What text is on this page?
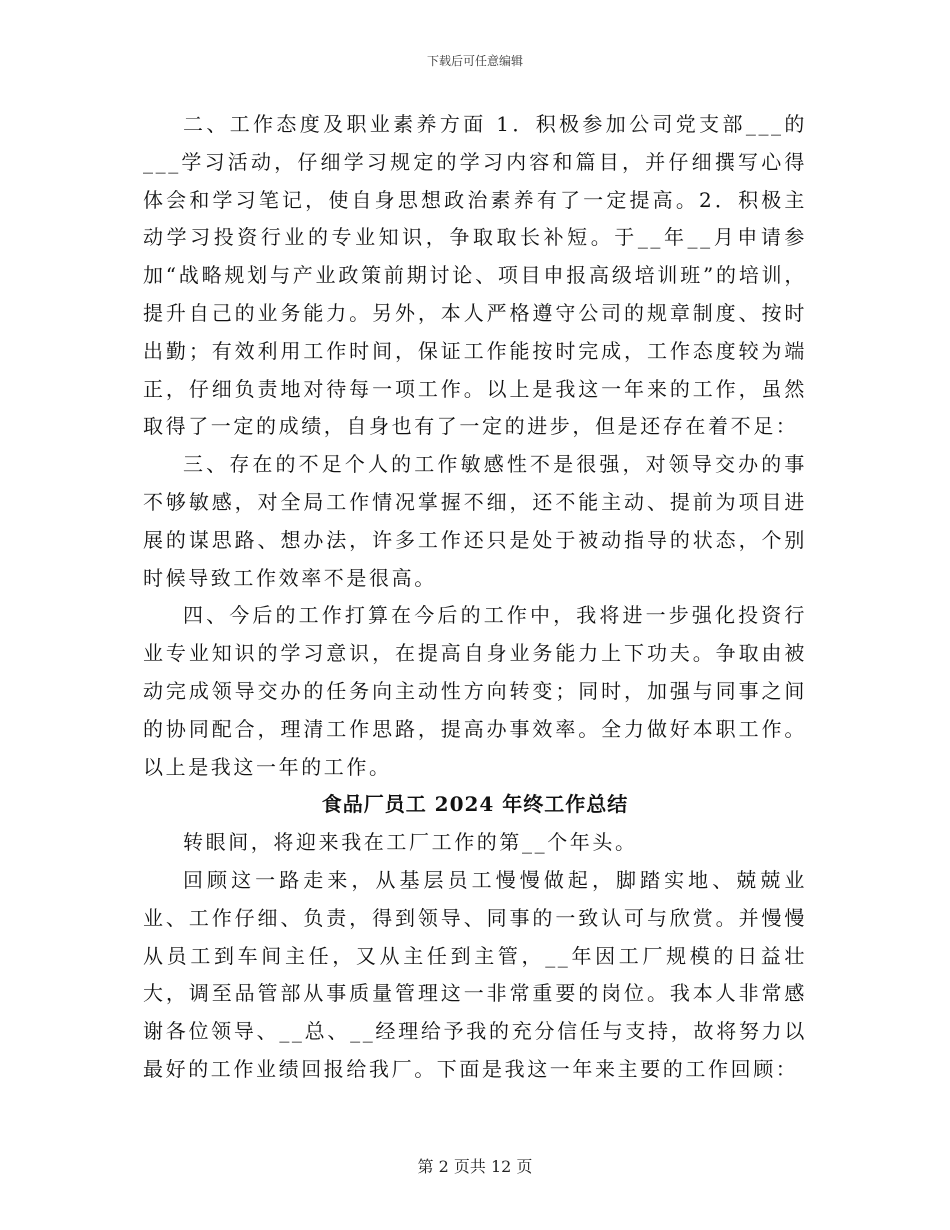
下载后可任意编辑

二、工作态度及职业素养方面 1．积极参加公司党支部___的___学习活动，仔细学习规定的学习内容和篇目，并仔细撰写心得体会和学习笔记，使自身思想政治素养有了一定提高。2．积极主动学习投资行业的专业知识，争取取长补短。于__年__月申请参加“战略规划与产业政策前期讨论、项目申报高级培训班”的培训，提升自己的业务能力。另外，本人严格遵守公司的规章制度、按时出勤；有效利用工作时间，保证工作能按时完成，工作态度较为端正，仔细负责地对待每一项工作。以上是我这一年来的工作，虽然取得了一定的成绩，自身也有了一定的进步，但是还存在着不足：

三、存在的不足个人的工作敏感性不是很强，对领导交办的事不够敏感，对全局工作情况掌握不细，还不能主动、提前为项目进展的谋思路、想办法，许多工作还只是处于被动指导的状态，个别时候导致工作效率不是很高。

四、今后的工作打算在今后的工作中，我将进一步强化投资行业专业知识的学习意识，在提高自身业务能力上下功夫。争取由被动完成领导交办的任务向主动性方向转变；同时，加强与同事之间的协同配合，理清工作思路，提高办事效率。全力做好本职工作。以上是我这一年的工作。

食品厂员工 2024 年终工作总结

转眼间，将迎来我在工厂工作的第__个年头。

回顾这一路走来，从基层员工慢慢做起，脚踏实地、兢兢业业、工作仔细、负责，得到领导、同事的一致认可与欣赏。并慢慢从员工到车间主任，又从主任到主管，__年因工厂规模的日益壮大，调至品管部从事质量管理这一非常重要的岗位。我本人非常感谢各位领导、__总、__经理给予我的充分信任与支持，故将努力以最好的工作业绩回报给我厂。下面是我这一年来主要的工作回顾：

第 2 页共 12 页
